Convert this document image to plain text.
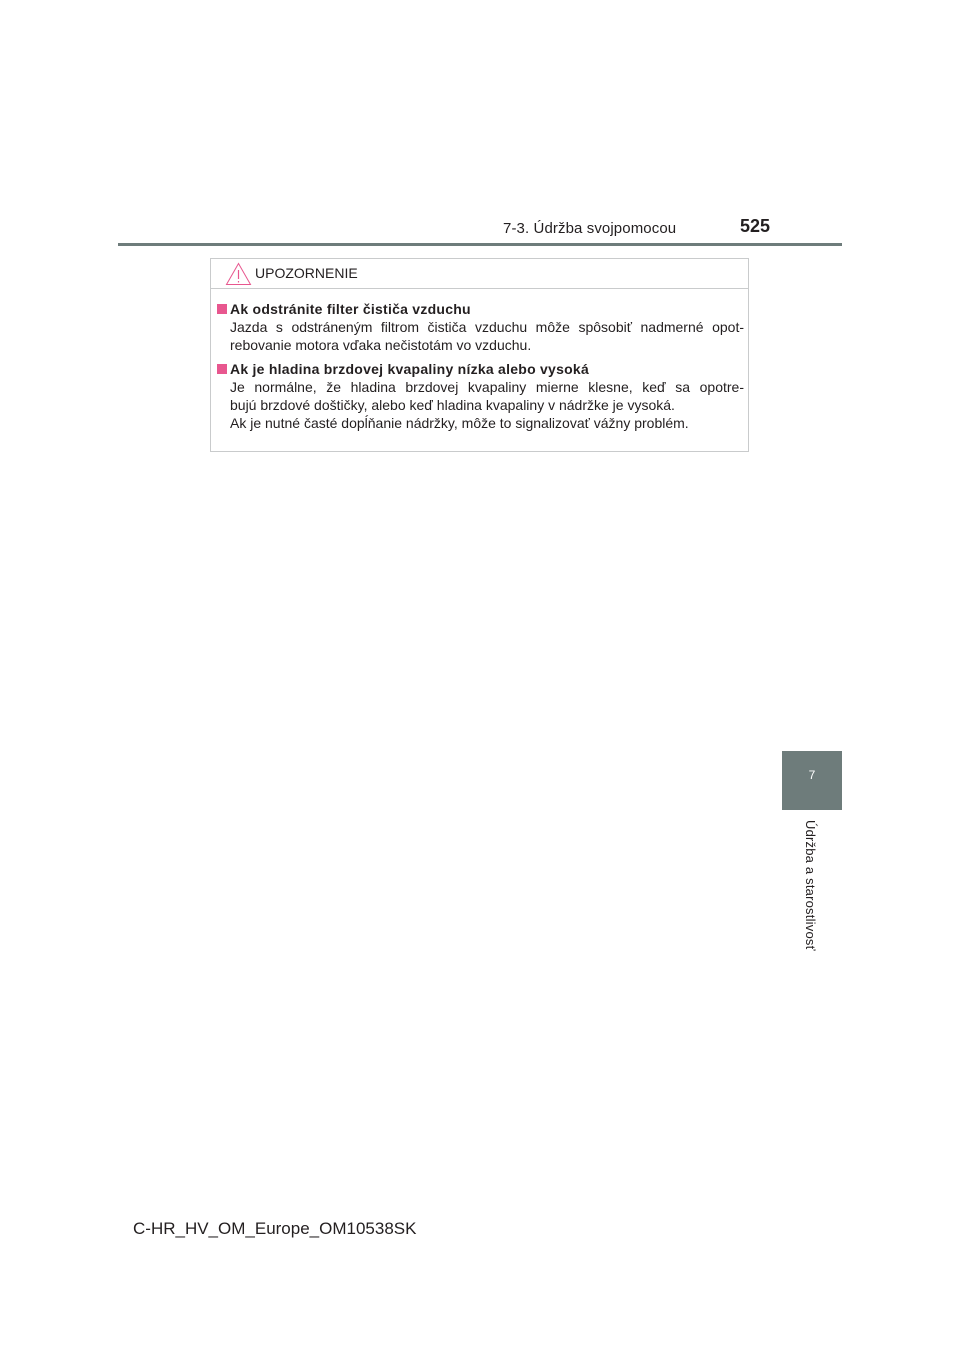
7-3. Údržba svojpomocou	525
UPOZORNENIE
Ak odstránite filter čističa vzduchu
Jazda s odstráneným filtrom čističa vzduchu môže spôsobiť nadmerné opot-
rebovanie motora vďaka nečistotám vo vzduchu.
Ak je hladina brzdovej kvapaliny nízka alebo vysoká
Je normálne, že hladina brzdovej kvapaliny mierne klesne, keď sa opotre-
bujú brzdové doštičky, alebo keď hladina kvapaliny v nádržke je vysoká.
Ak je nutné časté dopĺňanie nádržky, môže to signalizovať vážny problém.
7
Údržba a starostlivosť
C-HR_HV_OM_Europe_OM10538SK
